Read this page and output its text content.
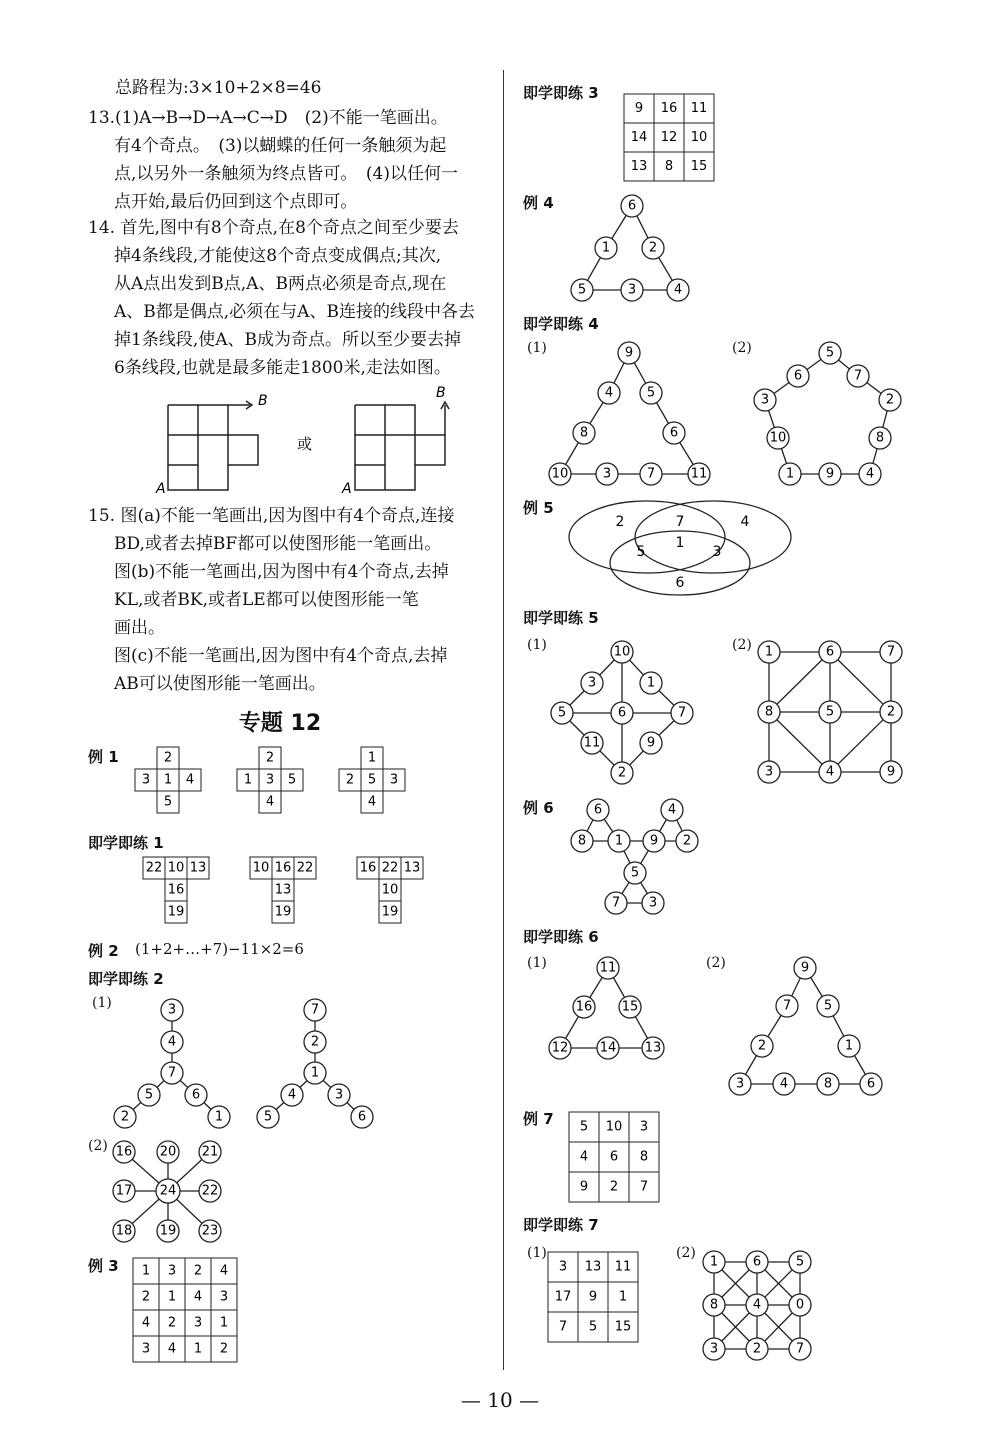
总路程为:3×10+2×8=46
13.(1)A→B→D→A→C→D　(2)不能一笔画出。
有4个奇点。　(3)以蝴蝶的任何一条触须为起
点,以另外一条触须为终点皆可。　(4)以任何一
点开始,最后仍回到这个点即可。
14. 首先,图中有8个奇点,在8个奇点之间至少要去
掉4条线段,才能使这8个奇点变成偶点;其次,
从A点出发到B点,A、B两点必须是奇点,现在
A、B都是偶点,必须在与A、B连接的线段中各去
掉1条线段,使A、B成为奇点。所以至少要去掉
6条线段,也就是最多能走1800米,走法如图。
A
B
A
B
或
15. 图(a)不能一笔画出,因为图中有4个奇点,连接
BD,或者去掉BF都可以使图形能一笔画出。
图(b)不能一笔画出,因为图中有4个奇点,去掉
KL,或者BK,或者LE都可以使图形能一笔
画出。
图(c)不能一笔画出,因为图中有4个奇点,去掉
AB可以使图形能一笔画出。
专题 12
例 1	2
3 1 4
5
2
1 3 5
4
1
2 5 3
4
即学即练 1
22 10 13
16
19
10 16 22
13
19
16 22 13
10
19
例 2 (1+2+…+7)−11×2=6
即学即练 2
(1)	3
4
7
5	6
2	1
7
2
1
4	3
5	6
(2) 16 20 21
17 24 22
18 19 23
例 3 1 3 2 4
2 1 4 3
4 2 3 1
3 4 1 2
即学即练 3
9 16 11
14 12 10
13 8 15
例 4	6
1	2
5	3	4
即学即练 4
(1)	(2)
9
4	5
8	6
10	3	7	11
5
6	7
3	2
10	8
1 9 4
例 5
2	7	4
1
5	3
6
即学即练 5
(1)	(2)
10
3	1
5	6	7
11	9
2
1	6	7
8	5	2
3	4	9
例 6	6	4
8 1 9 2
5
7 3
即学即练 6
(1)	(2)
11
16 15
12 14 13
9
7	5
2	1
3	4	8	6
例 7 5 10 3
4 6 8
9 2 7
即学即练 7
(1)	(2)
3 13 11
17 9 1
7 5 15
1	6	5
8	4	0
3	2	7
— 10 —
